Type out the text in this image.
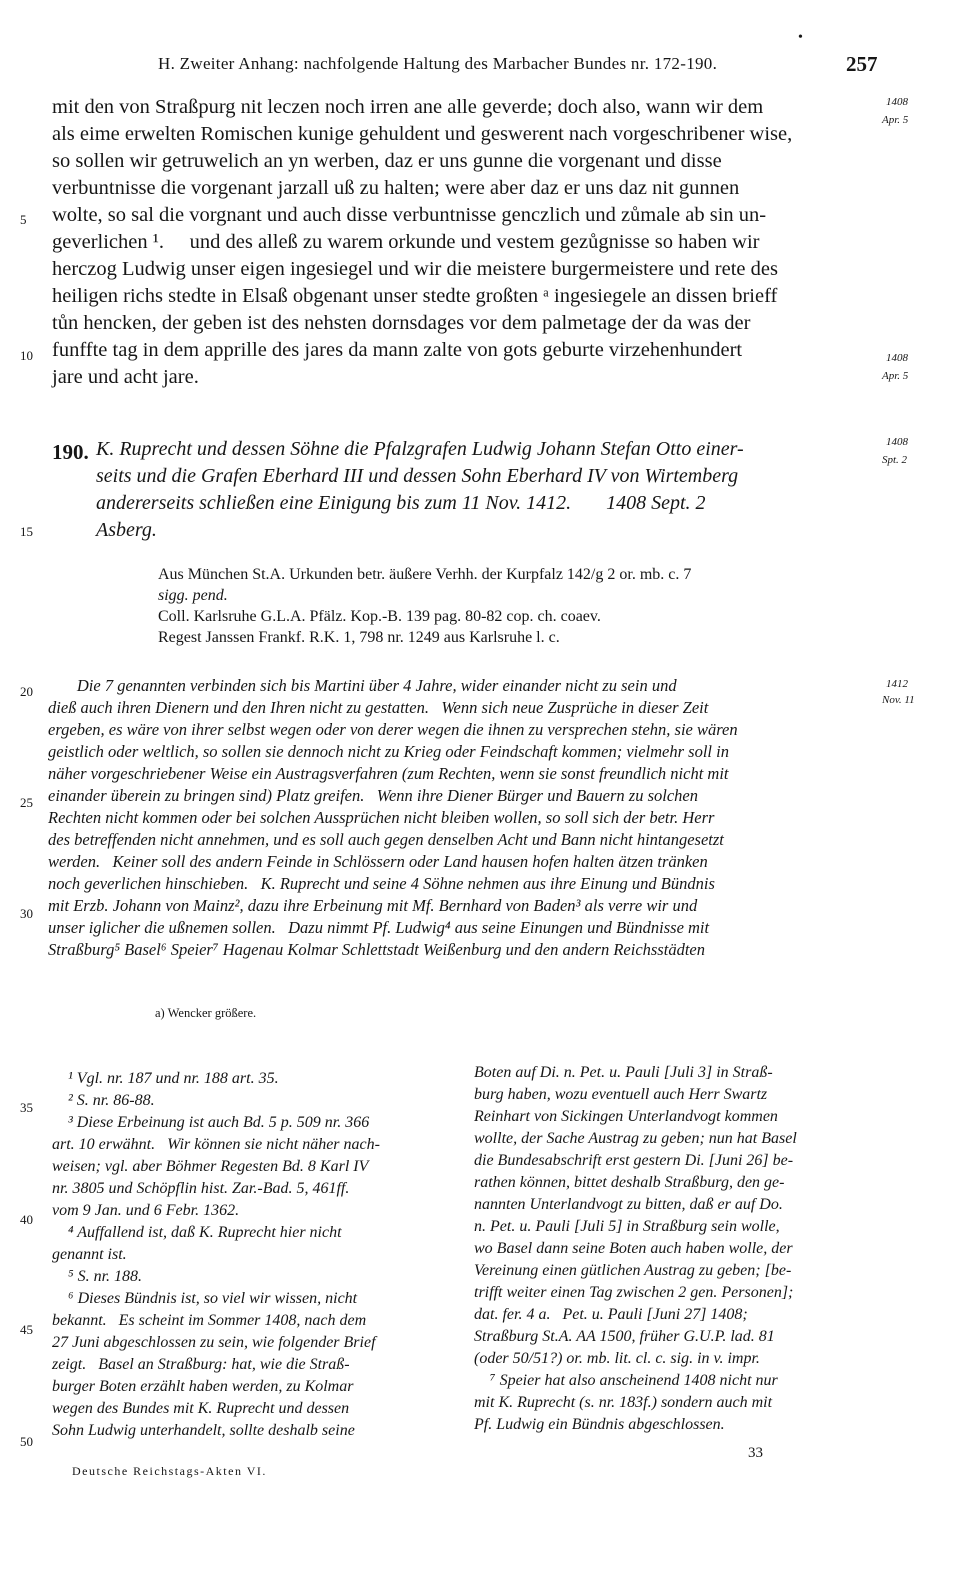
•
H. Zweiter Anhang: nachfolgende Haltung des Marbacher Bundes nr. 172-190.	257
mit den von Straßpurg nit leczen noch irren ane alle geverde; doch also, wann wir dem
als eime erwelten Romischen kunige gehuldent und geswerent nach vorgeschribener wise,
so sollen wir getruwelich an yn werben, daz er uns gunne die vorgenant und disse
verbuntnisse die vorgenant jarzall uß zu halten; were aber daz er uns daz nit gunnen
wolte, so sal die vorgnant und auch disse verbuntnisse genczlich und zůmale ab sin un-
geverlichen ¹.     und des alleß zu warem orkunde und vestem gezůgnisse so haben wir
herczog Ludwig unser eigen ingesiegel und wir die meistere burgermeistere und rete des
heiligen richs stedte in Elsaß obgenant unser stedte großten ᵃ ingesiegele an dissen brieff
tůn hencken, der geben ist des nehsten dornsdages vor dem palmetage der da was der
funffte tag in dem apprille des jares da mann zalte von gots geburte virzehenhundert
jare und acht jare.
5
10
15
20
25
30
35
40
45
50
1408
Apr. 5
1408
Apr. 5
1408
Spt. 2
1412
Nov. 11
190. K. Ruprecht und dessen Söhne die Pfalzgrafen Ludwig Johann Stefan Otto einer-
seits und die Grafen Eberhard III und dessen Sohn Eberhard IV von Wirtemberg
andererseits schließen eine Einigung bis zum 11 Nov. 1412.       1408 Sept. 2
Asberg.
Aus München St.A. Urkunden betr. äußere Verhh. der Kurpfalz 142/g 2 or. mb. c. 7
sigg. pend.
Coll. Karlsruhe G.L.A. Pfälz. Kop.-B. 139 pag. 80-82 cop. ch. coaev.
Regest Janssen Frankf. R.K. 1, 798 nr. 1249 aus Karlsruhe l. c.
Die 7 genannten verbinden sich bis Martini über 4 Jahre, wider einander nicht zu sein und
dieß auch ihren Dienern und den Ihren nicht zu gestatten.   Wenn sich neue Zusprüche in dieser Zeit
ergeben, es wäre von ihrer selbst wegen oder von derer wegen die ihnen zu versprechen stehn, sie wären
geistlich oder weltlich, so sollen sie dennoch nicht zu Krieg oder Feindschaft kommen; vielmehr soll in
näher vorgeschriebener Weise ein Austragsverfahren (zum Rechten, wenn sie sonst freundlich nicht mit
einander überein zu bringen sind) Platz greifen.   Wenn ihre Diener Bürger und Bauern zu solchen
Rechten nicht kommen oder bei solchen Aussprüchen nicht bleiben wollen, so soll sich der betr. Herr
des betreffenden nicht annehmen, und es soll auch gegen denselben Acht und Bann nicht hintangesetzt
werden.   Keiner soll des andern Feinde in Schlössern oder Land hausen hofen halten ätzen tränken
noch geverlichen hinschieben.   K. Ruprecht und seine 4 Söhne nehmen aus ihre Einung und Bündnis
mit Erzb. Johann von Mainz², dazu ihre Erbeinung mit Mf. Bernhard von Baden³ als verre wir und
unser iglicher die ußnemen sollen.   Dazu nimmt Pf. Ludwig⁴ aus seine Einungen und Bündnisse mit
Straßburg⁵ Basel⁶ Speier⁷ Hagenau Kolmar Schlettstadt Weißenburg und den andern Reichsstädten
a) Wencker größere.
¹ Vgl. nr. 187 und nr. 188 art. 35.
² S. nr. 86-88.
³ Diese Erbeinung ist auch Bd. 5 p. 509 nr. 366
art. 10 erwähnt.   Wir können sie nicht näher nach-
weisen; vgl. aber Böhmer Regesten Bd. 8 Karl IV
nr. 3805 und Schöpflin hist. Zar.-Bad. 5, 461ff.
vom 9 Jan. und 6 Febr. 1362.
⁴ Auffallend ist, daß K. Ruprecht hier nicht
genannt ist.
⁵ S. nr. 188.
⁶ Dieses Bündnis ist, so viel wir wissen, nicht
bekannt.   Es scheint im Sommer 1408, nach dem
27 Juni abgeschlossen zu sein, wie folgender Brief
zeigt.   Basel an Straßburg: hat, wie die Straß-
burger Boten erzählt haben werden, zu Kolmar
wegen des Bundes mit K. Ruprecht und dessen
Sohn Ludwig unterhandelt, sollte deshalb seine
Boten auf Di. n. Pet. u. Pauli [Juli 3] in Straß-
burg haben, wozu eventuell auch Herr Swartz
Reinhart von Sickingen Unterlandvogt kommen
wollte, der Sache Austrag zu geben; nun hat Basel
die Bundesabschrift erst gestern Di. [Juni 26] be-
rathen können, bittet deshalb Straßburg, den ge-
nannten Unterlandvogt zu bitten, daß er auf Do.
n. Pet. u. Pauli [Juli 5] in Straßburg sein wolle,
wo Basel dann seine Boten auch haben wolle, der
Vereinung einen gütlichen Austrag zu geben; [be-
trifft weiter einen Tag zwischen 2 gen. Personen];
dat. fer. 4 a.   Pet. u. Pauli [Juni 27] 1408;
Straßburg St.A. AA 1500, früher G.U.P. lad. 81
(oder 50/51?) or. mb. lit. cl. c. sig. in v. impr.
⁷ Speier hat also anscheinend 1408 nicht nur
mit K. Ruprecht (s. nr. 183f.) sondern auch mit
Pf. Ludwig ein Bündnis abgeschlossen.
Deutsche Reichstags-Akten VI.
33
